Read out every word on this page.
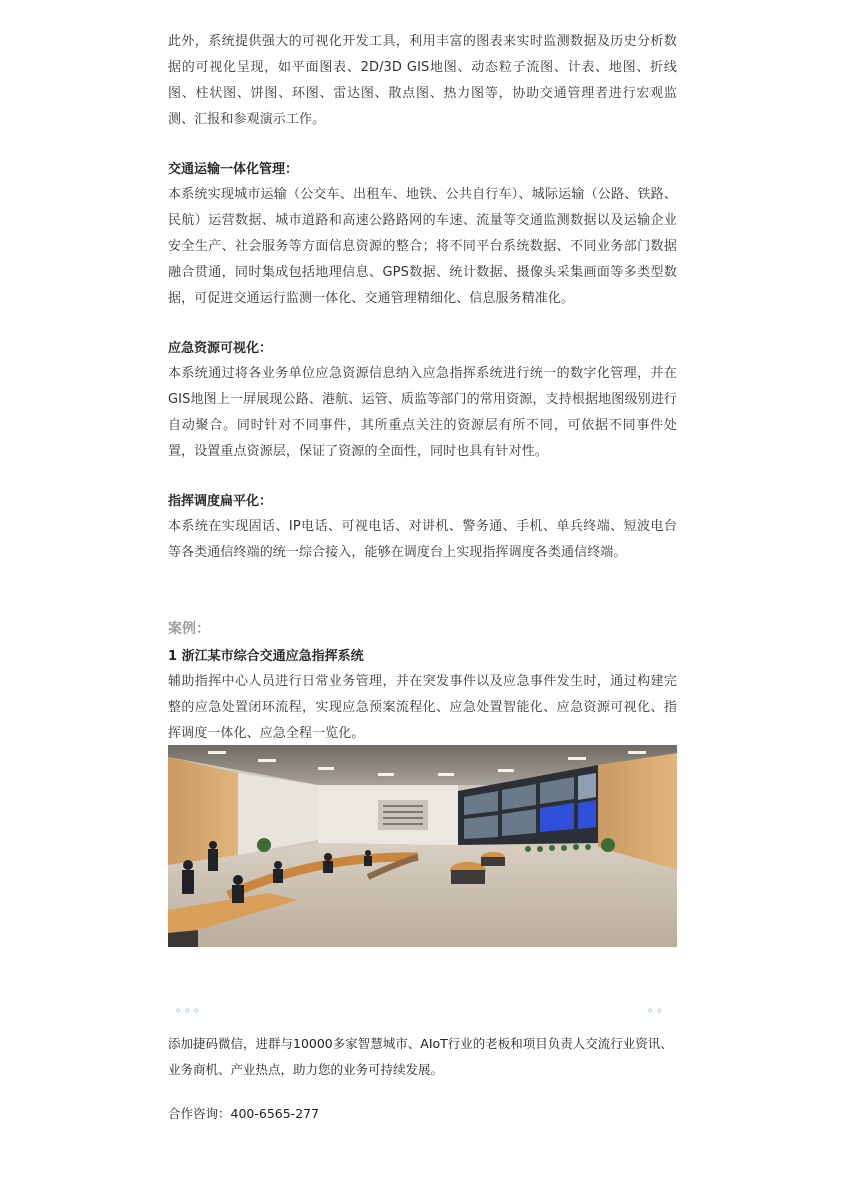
此外，系统提供强大的可视化开发工具，利用丰富的图表来实时监测数据及历史分析数据的可视化呈现，如平面图表、2D/3D GIS地图、动态粒子流图、计表、地图、折线图、柱状图、饼图、环图、雷达图、散点图、热力图等，协助交通管理者进行宏观监测、汇报和参观演示工作。

交通运输一体化管理：

本系统实现城市运输（公交车、出租车、地铁、公共自行车）、城际运输（公路、铁路、民航）运营数据、城市道路和高速公路路网的车速、流量等交通监测数据以及运输企业安全生产、社会服务等方面信息资源的整合；将不同平台系统数据、不同业务部门数据融合贯通，同时集成包括地理信息、GPS数据、统计数据、摄像头采集画面等多类型数据，可促进交通运行监测一体化、交通管理精细化、信息服务精准化。

应急资源可视化：

本系统通过将各业务单位应急资源信息纳入应急指挥系统进行统一的数字化管理，并在GIS地图上一屏展现公路、港航、运管、质监等部门的常用资源，支持根据地图级别进行自动聚合。同时针对不同事件，其所重点关注的资源层有所不同，可依据不同事件处置，设置重点资源层，保证了资源的全面性，同时也具有针对性。

指挥调度扁平化：

本系统在实现固话、IP电话、可视电话、对讲机、警务通、手机、单兵终端、短波电台等各类通信终端的统一综合接入，能够在调度台上实现指挥调度各类通信终端。

案例：

1 浙江某市综合交通应急指挥系统

辅助指挥中心人员进行日常业务管理，并在突发事件以及应急事件发生时，通过构建完整的应急处置闭环流程，实现应急预案流程化、应急处置智能化、应急资源可视化、指挥调度一体化、应急全程一览化。

。。。	。。

添加捷码微信，进群与10000多家智慧城市、AIoT行业的老板和项目负责人交流行业资讯、业务商机、产业热点，助力您的业务可持续发展。

合作咨询：400-6565-277
